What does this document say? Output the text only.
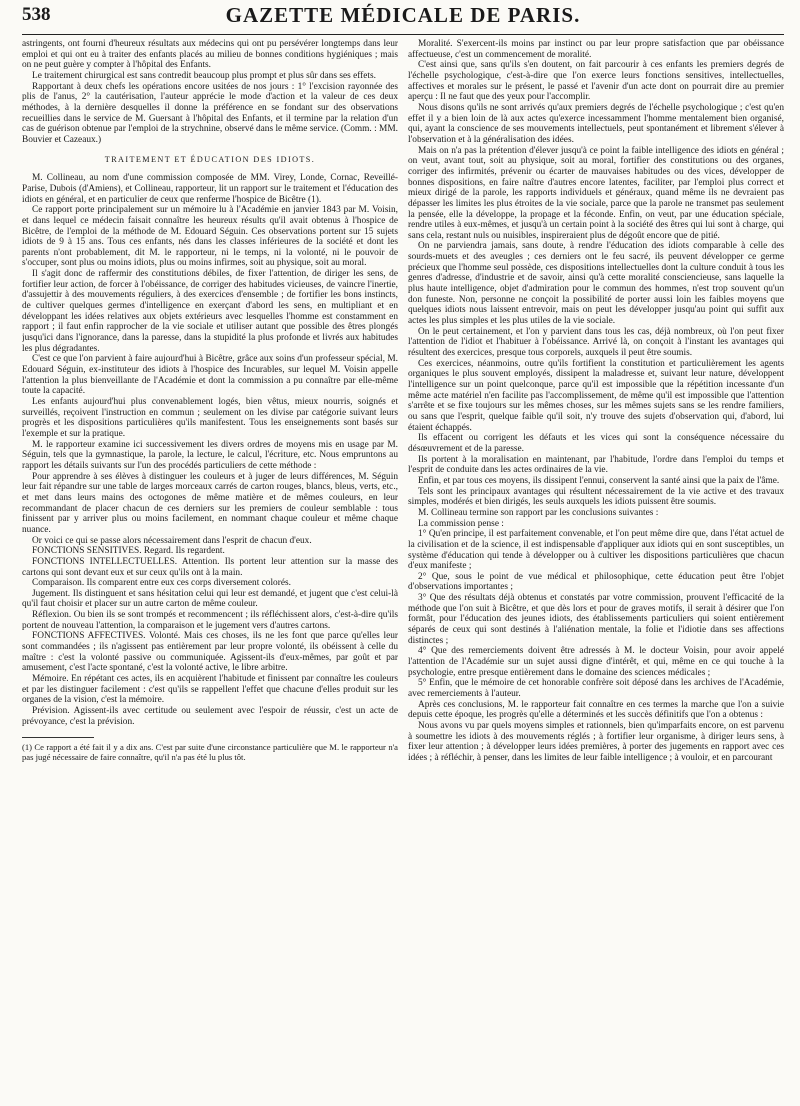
538	GAZETTE MÉDICALE DE PARIS.

astringents, ont fourni d'heureux résultats aux médecins qui ont pu persévérer longtemps dans leur emploi et qui ont eu à traiter des enfants placés au milieu de bonnes conditions hygiéniques ; mais on ne peut guère y compter à l'hôpital des Enfants.

Le traitement chirurgical est sans contredit beaucoup plus prompt et plus sûr dans ses effets.

Rapportant à deux chefs les opérations encore usitées de nos jours : 1° l'excision rayonnée des plis de l'anus, 2° la cautérisation, l'auteur apprécie le mode d'action et la valeur de ces deux méthodes, à la dernière desquelles il donne la préférence en se fondant sur des observations recueillies dans le service de M. Guersant à l'hôpital des Enfants, et il termine par la relation d'un cas de guérison obtenue par l'emploi de la strychnine, observé dans le même service. (Comm. : MM. Bouvier et Cazeaux.)

TRAITEMENT ET ÉDUCATION DES IDIOTS.

M. Collineau, au nom d'une commission composée de MM. Virey, Londe, Cornac, Reveillé-Parise, Dubois (d'Amiens), et Collineau, rapporteur, lit un rapport sur le traitement et l'éducation des idiots en général, et en particulier de ceux que renferme l'hospice de Bicêtre (1).

Ce rapport porte principalement sur un mémoire lu à l'Académie en janvier 1843 par M. Voisin, et dans lequel ce médecin faisait connaître les heureux résults qu'il avait obtenus à l'hospice de Bicêtre, de l'emploi de la méthode de M. Edouard Séguin. Ces observations portent sur 15 sujets idiots de 9 à 15 ans. Tous ces enfants, nés dans les classes inférieures de la société et dont les parents n'ont probablement, dit M. le rapporteur, ni le temps, ni la volonté, ni le pouvoir de s'occuper, sont plus ou moins idiots, plus ou moins infirmes, soit au physique, soit au moral.

Il s'agit donc de raffermir des constitutions débiles, de fixer l'attention, de diriger les sens, de fortifier leur action, de forcer à l'obéissance, de corriger des habitudes vicieuses, de vaincre l'inertie, d'assujettir à des mouvements réguliers, à des exercices d'ensemble ; de fortifier les bons instincts, de cultiver quelques germes d'intelligence en exerçant d'abord les sens, en multipliant et en développant les idées relatives aux objets extérieurs avec lesquelles l'homme est constamment en rapport ; il faut enfin rapprocher de la vie sociale et utiliser autant que possible des êtres plongés jusqu'ici dans l'ignorance, dans la paresse, dans la stupidité la plus profonde et livrés aux habitudes les plus dégradantes.

C'est ce que l'on parvient à faire aujourd'hui à Bicêtre, grâce aux soins d'un professeur spécial, M. Edouard Séguin, ex-instituteur des idiots à l'hospice des Incurables, sur lequel M. Voisin appelle l'attention la plus bienveillante de l'Académie et dont la commission a pu connaître par elle-même toute la capacité.

Les enfants aujourd'hui plus convenablement logés, bien vêtus, mieux nourris, soignés et surveillés, reçoivent l'instruction en commun ; seulement on les divise par catégorie suivant leurs progrès et les dispositions particulières qu'ils manifestent. Tous les enseignements sont basés sur l'exemple et sur la pratique.

M. le rapporteur examine ici successivement les divers ordres de moyens mis en usage par M. Séguin, tels que la gymnastique, la parole, la lecture, le calcul, l'écriture, etc. Nous empruntons au rapport les détails suivants sur l'un des procédés particuliers de cette méthode :

Pour apprendre à ses élèves à distinguer les couleurs et à juger de leurs différences, M. Séguin leur fait répandre sur une table de larges morceaux carrés de carton rouges, blancs, bleus, verts, etc., et met dans leurs mains des octogones de même matière et de mêmes couleurs, en leur recommandant de placer chacun de ces derniers sur les premiers de couleur semblable : tous finissent par y arriver plus ou moins facilement, en nommant chaque couleur et même chaque nuance.

Or voici ce qui se passe alors nécessairement dans l'esprit de chacun d'eux.

FONCTIONS SENSITIVES. Regard. Ils regardent.

FONCTIONS INTELLECTUELLES. Attention. Ils portent leur attention sur la masse des cartons qui sont devant eux et sur ceux qu'ils ont à la main.

Comparaison. Ils comparent entre eux ces corps diversement colorés.

Jugement. Ils distinguent et sans hésitation celui qui leur est demandé, et jugent que c'est celui-là qu'il faut choisir et placer sur un autre carton de même couleur.

Réflexion. Ou bien ils se sont trompés et recommencent ; ils réfléchissent alors, c'est-à-dire qu'ils portent de nouveau l'attention, la comparaison et le jugement vers d'autres cartons.

FONCTIONS AFFECTIVES. Volonté. Mais ces choses, ils ne les font que parce qu'elles leur sont commandées ; ils n'agissent pas entièrement par leur propre volonté, ils obéissent à celle du maître : c'est la volonté passive ou communiquée. Agissent-ils d'eux-mêmes, par goût et par amusement, c'est l'acte spontané, c'est la volonté active, le libre arbitre.

Mémoire. En répétant ces actes, ils en acquièrent l'habitude et finissent par connaître les couleurs et par les distinguer facilement : c'est qu'ils se rappellent l'effet que chacune d'elles produit sur les organes de la vision, c'est la mémoire.

Prévision. Agissent-ils avec certitude ou seulement avec l'espoir de réussir, c'est un acte de prévoyance, c'est la prévision.

(1) Ce rapport a été fait il y a dix ans. C'est par suite d'une circonstance particulière que M. le rapporteur n'a pas jugé nécessaire de faire connaître, qu'il n'a pas été lu plus tôt.

Moralité. S'exercent-ils moins par instinct ou par leur propre satisfaction que par obéissance affectueuse, c'est un commencement de moralité.

C'est ainsi que, sans qu'ils s'en doutent, on fait parcourir à ces enfants les premiers degrés de l'échelle psychologique, c'est-à-dire que l'on exerce leurs fonctions sensitives, intellectuelles, affectives et morales sur le présent, le passé et l'avenir d'un acte dont on pourrait dire au premier aperçu : Il ne faut que des yeux pour l'accomplir.

Nous disons qu'ils ne sont arrivés qu'aux premiers degrés de l'échelle psychologique ; c'est qu'en effet il y a bien loin de là aux actes qu'exerce incessamment l'homme mentalement bien organisé, qui, ayant la conscience de ses mouvements intellectuels, peut spontanément et librement s'élever à l'observation et à la généralisation des idées.

Mais on n'a pas la prétention d'élever jusqu'à ce point la faible intelligence des idiots en général ; on veut, avant tout, soit au physique, soit au moral, fortifier des constitutions ou des organes, corriger des infirmités, prévenir ou écarter de mauvaises habitudes ou des vices, développer de bonnes dispositions, en faire naître d'autres encore latentes, faciliter, par l'emploi plus correct et mieux dirigé de la parole, les rapports individuels et généraux, quand même ils ne devraient pas dépasser les limites les plus étroites de la vie sociale, parce que la parole ne transmet pas seulement la pensée, elle la développe, la propage et la féconde. Enfin, on veut, par une éducation spéciale, rendre utiles à eux-mêmes, et jusqu'à un certain point à la société des êtres qui lui sont à charge, qui sans cela, restant nuls ou nuisibles, inspireraient plus de dégoût encore que de pitié.

On ne parviendra jamais, sans doute, à rendre l'éducation des idiots comparable à celle des sourds-muets et des aveugles ; ces derniers ont le feu sacré, ils peuvent développer ce germe précieux que l'homme seul possède, ces dispositions intellectuelles dont la culture conduit à tous les genres d'adresse, d'industrie et de savoir, ainsi qu'à cette moralité consciencieuse, sans laquelle la plus haute intelligence, objet d'admiration pour le commun des hommes, n'est trop souvent qu'un don funeste. Non, personne ne conçoit la possibilité de porter aussi loin les faibles moyens que quelques idiots nous laissent entrevoir, mais on peut les développer jusqu'au point qui suffit aux actes les plus simples et les plus utiles de la vie sociale.

On le peut certainement, et l'on y parvient dans tous les cas, déjà nombreux, où l'on peut fixer l'attention de l'idiot et l'habituer à l'obéissance. Arrivé là, on conçoit à l'instant les avantages qui résultent des exercices, presque tous corporels, auxquels il peut être soumis.

Ces exercices, néanmoins, outre qu'ils fortifient la constitution et particulièrement les agents organiques le plus souvent employés, dissipent la maladresse et, suivant leur nature, développent l'intelligence sur un point quelconque, parce qu'il est impossible que la répétition incessante d'un même acte matériel n'en facilite pas l'accomplissement, de même qu'il est impossible que l'attention s'arrête et se fixe toujours sur les mêmes choses, sur les mêmes sujets sans se les rendre familiers, ou sans que l'esprit, quelque faible qu'il soit, n'y trouve des sujets d'observation qui, d'abord, lui étaient échappés.

Ils effacent ou corrigent les défauts et les vices qui sont la conséquence nécessaire du désœuvrement et de la paresse.

Ils portent à la moralisation en maintenant, par l'habitude, l'ordre dans l'emploi du temps et l'esprit de conduite dans les actes ordinaires de la vie.

Enfin, et par tous ces moyens, ils dissipent l'ennui, conservent la santé ainsi que la paix de l'âme.

Tels sont les principaux avantages qui résultent nécessairement de la vie active et des travaux simples, modérés et bien dirigés, les seuls auxquels les idiots puissent être soumis.

M. Collineau termine son rapport par les conclusions suivantes :

La commission pense :

1° Qu'en principe, il est parfaitement convenable, et l'on peut même dire que, dans l'état actuel de la civilisation et de la science, il est indispensable d'appliquer aux idiots qui en sont susceptibles, un système d'éducation qui tende à développer ou à cultiver les dispositions particulières que chacun d'eux manifeste ;

2° Que, sous le point de vue médical et philosophique, cette éducation peut être l'objet d'observations importantes ;

3° Que des résultats déjà obtenus et constatés par votre commission, prouvent l'efficacité de la méthode que l'on suit à Bicêtre, et que dès lors et pour de graves motifs, il serait à désirer que l'on formât, pour l'éducation des jeunes idiots, des établissements particuliers qui soient entièrement séparés de ceux qui sont destinés à l'aliénation mentale, la folie et l'idiotie dans ses affections distinctes ;

4° Que des remerciements doivent être adressés à M. le docteur Voisin, pour avoir appelé l'attention de l'Académie sur un sujet aussi digne d'intérêt, et qui, même en ce qui touche à la psychologie, entre presque entièrement dans le domaine des sciences médicales ;

5° Enfin, que le mémoire de cet honorable confrère soit déposé dans les archives de l'Académie, avec remerciements à l'auteur.

Après ces conclusions, M. le rapporteur fait connaître en ces termes la marche que l'on a suivie depuis cette époque, les progrès qu'elle a déterminés et les succès définitifs que l'on a obtenus :

Nous avons vu par quels moyens simples et rationnels, bien qu'imparfaits encore, on est parvenu à soumettre les idiots à des mouvements réglés ; à fortifier leur organisme, à diriger leurs sens, à fixer leur attention ; à développer leurs idées premières, à porter des jugements en rapport avec ces idées ; à réfléchir, à penser, dans les limites de leur faible intelligence ; à vouloir, et en parcourant
